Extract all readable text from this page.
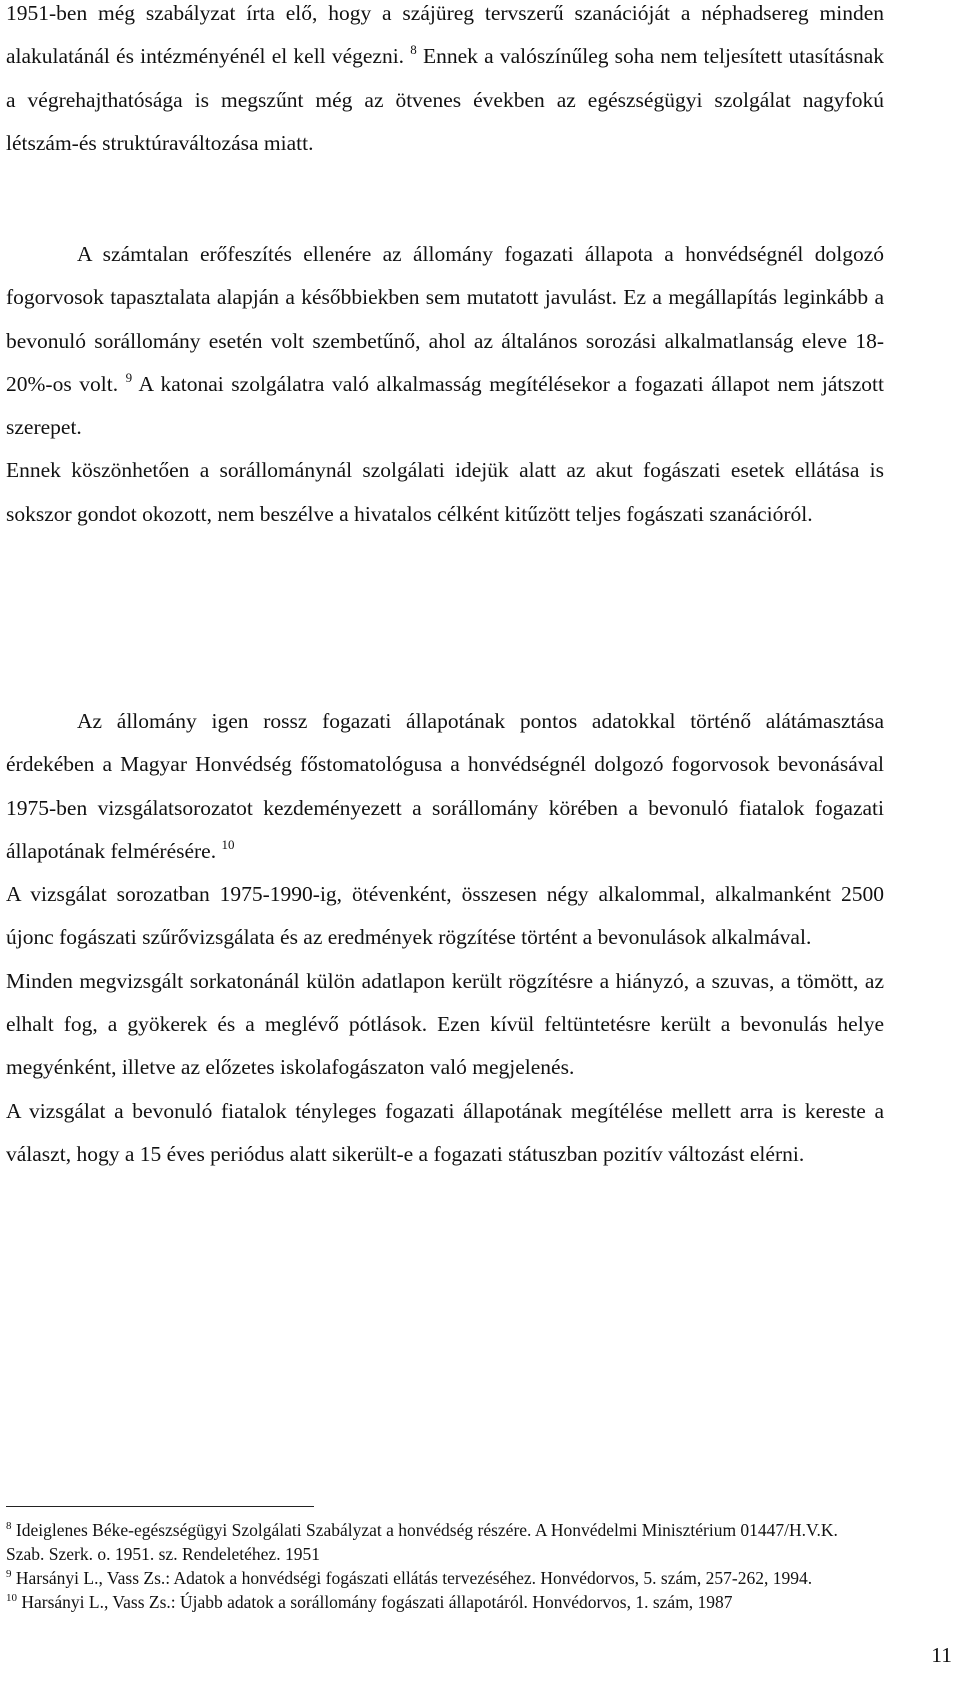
1951-ben még szabályzat írta elő, hogy a szájüreg tervszerű szanációját a néphadsereg minden alakulatánál és intézményénél el kell végezni. $^8$ Ennek a valószínűleg soha nem teljesített utasításnak a végrehajthatósága is megszűnt még az ötvenes években az egészségügyi szolgálat nagyfokú létszám-és struktúraváltozása miatt.

A számtalan erőfeszítés ellenére az állomány fogazati állapota a honvédségnél dolgozó fogorvosok tapasztalata alapján a későbbiekben sem mutatott javulást. Ez a megállapítás leginkább a bevonuló sorállomány esetén volt szembetűnő, ahol az általános sorozási alkalmatlanság eleve 18-20%-os volt. $^9$ A katonai szolgálatra való alkalmasság megítélésekor a fogazati állapot nem játszott szerepet.

Ennek köszönhetően a sorállománynál szolgálati idejük alatt az akut fogászati esetek ellátása is sokszor gondot okozott, nem beszélve a hivatalos célként kitűzött teljes fogászati szanációról.

Az állomány igen rossz fogazati állapotának pontos adatokkal történő alátámasztása érdekében a Magyar Honvédség főstomatológusa a honvédségnél dolgozó fogorvosok bevonásával 1975-ben vizsgálatsorozatot kezdeményezett a sorállomány körében a bevonuló fiatalok fogazati állapotának felmérésére. $^{10}$

A vizsgálat sorozatban 1975-1990-ig, ötévenként, összesen négy alkalommal, alkalmanként 2500 újonc fogászati szűrővizsgálata és az eredmények rögzítése történt a bevonulások alkalmával.

Minden megvizsgált sorkatonánál külön adatlapon került rögzítésre a hiányzó, a szuvas, a tömött, az elhalt fog, a gyökerek és a meglévő pótlások. Ezen kívül feltüntetésre került a bevonulás helye megyénként, illetve az előzetes iskolafogászaton való megjelenés.

A vizsgálat a bevonuló fiatalok tényleges fogazati állapotának megítélése mellett arra is kereste a választ, hogy a 15 éves periódus alatt sikerült-e a fogazati státuszban pozitív változást elérni.

$^8$ Ideiglenes Béke-egészségügyi Szolgálati Szabályzat a honvédség részére. A Honvédelmi Minisztérium 01447/H.V.K. Szab. Szerk. o. 1951. sz. Rendeletéhez. 1951

$^9$ Harsányi L., Vass Zs.: Adatok a honvédségi fogászati ellátás tervezéséhez. Honvédorvos, 5. szám, 257-262, 1994.

$^{10}$ Harsányi L., Vass Zs.: Újabb adatok a sorállomány fogászati állapotáról. Honvédorvos, 1. szám, 1987

11
